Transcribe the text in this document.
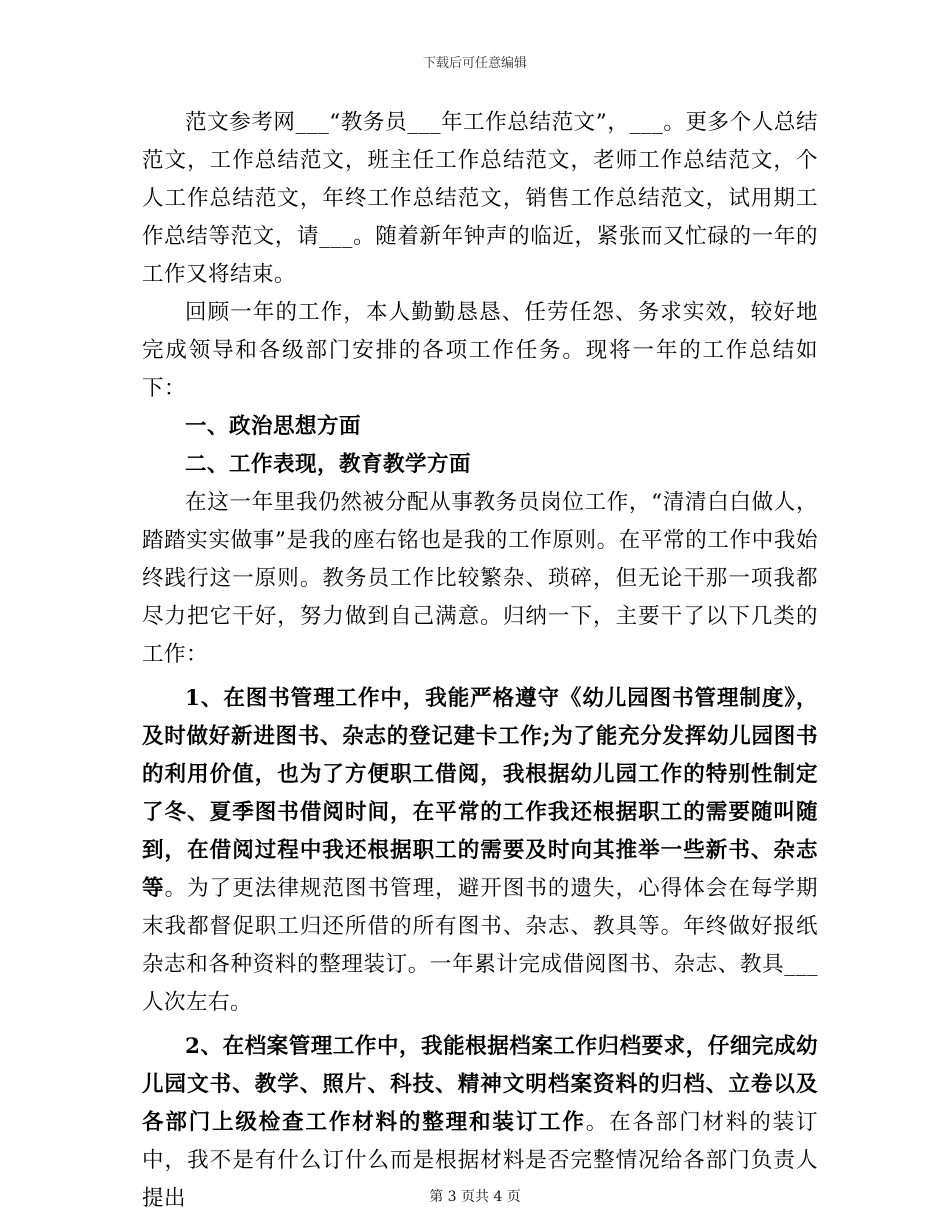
下载后可任意编辑

范文参考网___“教务员___年工作总结范文”，___。更多个人总结范文，工作总结范文，班主任工作总结范文，老师工作总结范文，个人工作总结范文，年终工作总结范文，销售工作总结范文，试用期工作总结等范文，请___。随着新年钟声的临近，紧张而又忙碌的一年的工作又将结束。

回顾一年的工作，本人勤勤恳恳、任劳任怨、务求实效，较好地完成领导和各级部门安排的各项工作任务。现将一年的工作总结如下：

一、政治思想方面

二、工作表现，教育教学方面

在这一年里我仍然被分配从事教务员岗位工作，“清清白白做人，踏踏实实做事”是我的座右铭也是我的工作原则。在平常的工作中我始终践行这一原则。教务员工作比较繁杂、琐碎，但无论干那一项我都尽力把它干好，努力做到自己满意。归纳一下，主要干了以下几类的工作：

1、在图书管理工作中，我能严格遵守《幼儿园图书管理制度》，及时做好新进图书、杂志的登记建卡工作;为了能充分发挥幼儿园图书的利用价值，也为了方便职工借阅，我根据幼儿园工作的特别性制定了冬、夏季图书借阅时间，在平常的工作我还根据职工的需要随叫随到，在借阅过程中我还根据职工的需要及时向其推举一些新书、杂志等。为了更法律规范图书管理，避开图书的遗失，心得体会在每学期末我都督促职工归还所借的所有图书、杂志、教具等。年终做好报纸杂志和各种资料的整理装订。一年累计完成借阅图书、杂志、教具___人次左右。

2、在档案管理工作中，我能根据档案工作归档要求，仔细完成幼儿园文书、教学、照片、科技、精神文明档案资料的归档、立卷以及各部门上级检查工作材料的整理和装订工作。在各部门材料的装订中，我不是有什么订什么而是根据材料是否完整情况给各部门负责人提出	第 3 页共 4 页
